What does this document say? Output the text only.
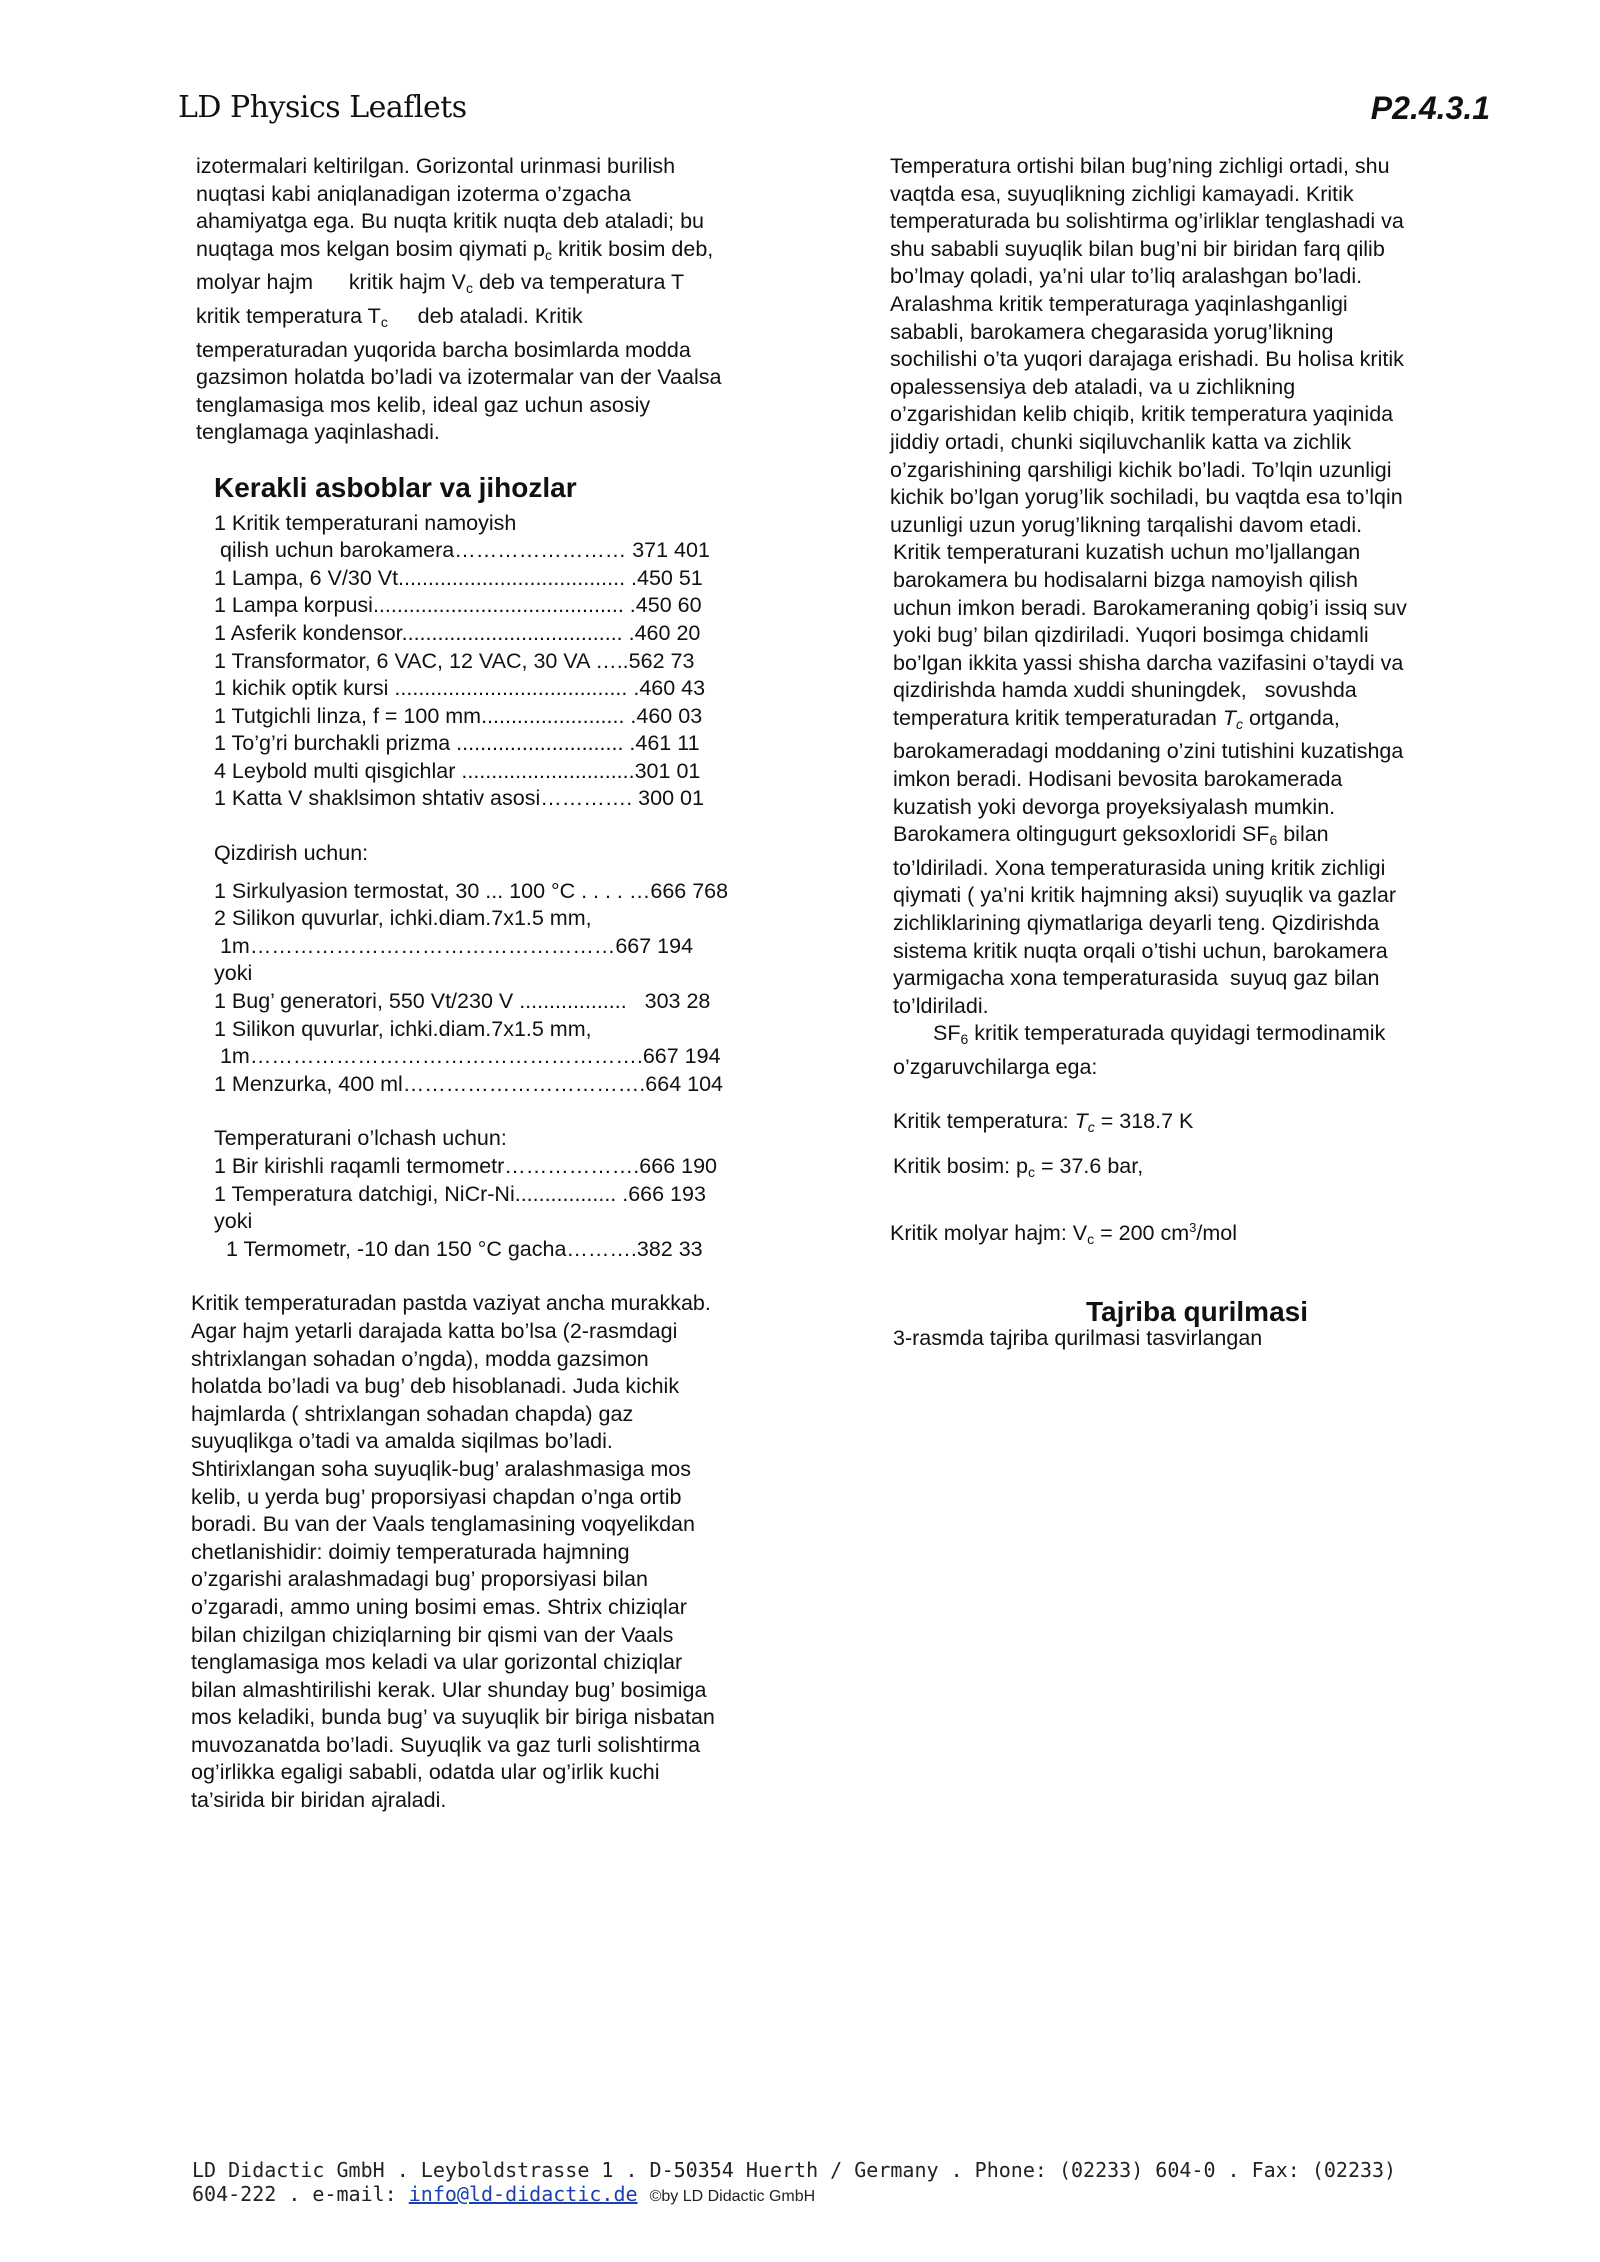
LD Physics Leaflets	P2.4.3.1

izotermalari keltirilgan. Gorizontal urinmasi burilish

nuqtasi kabi aniqlanadigan izoterma o’zgacha

ahamiyatga ega. Bu nuqta kritik nuqta deb ataladi; bu

nuqtaga mos kelgan bosim qiymati $p_c$ kritik bosim deb,

molyar hajm      kritik hajm $V_c$ deb va temperatura T

kritik temperatura $T_c$     deb ataladi. Kritik

temperaturadan yuqorida barcha bosimlarda modda

gazsimon holatda bo’ladi va izotermalar van der Vaalsa

tenglamasiga mos kelib, ideal gaz uchun asosiy

tenglamaga yaqinlashadi.

Kerakli asboblar va jihozlar
1 Kritik temperaturani namoyish
qilish uchun barokamera…………………… 371 401
1 Lampa, 6 V/30 Vt...................................... .450 51
1 Lampa korpusi.......................................... .450 60
1 Asferik kondensor..................................... .460 20
1 Transformator, 6 VAC, 12 VAC, 30 VA …..562 73
1 kichik optik kursi ....................................... .460 43
1 Tutgichli linza, f = 100 mm........................ .460 03
1 To’g’ri burchakli prizma ............................ .461 11
4 Leybold multi qisgichlar .............................301 01
1 Katta V shaklsimon shtativ asosi…………. 300 01
Qizdirish uchun:
1 Sirkulyasion termostat, 30 ... 100 °C . . . . …666 768
2 Silikon quvurlar, ichki.diam.7x1.5 mm,
1m……………………………………………667 194
yoki
1 Bug’ generatori, 550 Vt/230 V ..................   303 28
1 Silikon quvurlar, ichki.diam.7x1.5 mm,
1m……………………………………………….667 194
1 Menzurka, 400 ml…………………………….664 104
Temperaturani o’lchash uchun:
1 Bir kirishli raqamli termometr……………….666 190
1 Temperatura datchigi, NiCr-Ni................. .666 193
yoki
1 Termometr, -10 dan 150 °C gacha……….382 33

Kritik temperaturadan pastda vaziyat ancha murakkab.

Agar hajm yetarli darajada katta bo’lsa (2-rasmdagi

shtrixlangan sohadan o’ngda), modda gazsimon

holatda bo’ladi va bug’ deb hisoblanadi. Juda kichik

hajmlarda ( shtrixlangan sohadan chapda) gaz

suyuqlikga o’tadi va amalda siqilmas bo’ladi.

Shtirixlangan soha suyuqlik-bug’ aralashmasiga mos

kelib, u yerda bug’ proporsiyasi chapdan o’nga ortib

boradi. Bu van der Vaals tenglamasining voqyelikdan

chetlanishidir: doimiy temperaturada hajmning

o’zgarishi aralashmadagi bug’ proporsiyasi bilan

o’zgaradi, ammo uning bosimi emas. Shtrix chiziqlar

bilan chizilgan chiziqlarning bir qismi van der Vaals

tenglamasiga mos keladi va ular gorizontal chiziqlar

bilan almashtirilishi kerak. Ular shunday bug’ bosimiga

mos keladiki, bunda bug’ va suyuqlik bir biriga nisbatan

muvozanatda bo’ladi. Suyuqlik va gaz turli solishtirma

og’irlikka egaligi sababli, odatda ular og’irlik kuchi

ta’sirida bir biridan ajraladi.

Temperatura ortishi bilan bug’ning zichligi ortadi, shu

vaqtda esa, suyuqlikning zichligi kamayadi. Kritik

temperaturada bu solishtirma og’irliklar tenglashadi va

shu sababli suyuqlik bilan bug’ni bir biridan farq qilib

bo’lmay qoladi, ya’ni ular to’liq aralashgan bo’ladi.

Aralashma kritik temperaturaga yaqinlashganligi

sababli, barokamera chegarasida yorug’likning

sochilishi o’ta yuqori darajaga erishadi. Bu holisa kritik

opalessensiya deb ataladi, va u zichlikning

o’zgarishidan kelib chiqib, kritik temperatura yaqinida

jiddiy ortadi, chunki siqiluvchanlik katta va zichlik

o’zgarishining qarshiligi kichik bo’ladi. To’lqin uzunligi

kichik bo’lgan yorug’lik sochiladi, bu vaqtda esa to’lqin

uzunligi uzun yorug’likning tarqalishi davom etadi.

Kritik temperaturani kuzatish uchun mo’ljallangan

barokamera bu hodisalarni bizga namoyish qilish

uchun imkon beradi. Barokameraning qobig’i issiq suv

yoki bug’ bilan qizdiriladi. Yuqori bosimga chidamli

bo’lgan ikkita yassi shisha darcha vazifasini o’taydi va

qizdirishda hamda xuddi shuningdek,   sovushda

temperatura kritik temperaturadan $T_c$ ortganda,

barokameradagi moddaning o’zini tutishini kuzatishga

imkon beradi. Hodisani bevosita barokamerada

kuzatish yoki devorga proyeksiyalash mumkin.

Barokamera oltingugurt geksoxloridi $SF_6$ bilan

to’ldiriladi. Xona temperaturasida uning kritik zichligi

qiymati ( ya’ni kritik hajmning aksi) suyuqlik va gazlar

zichliklarining qiymatlariga deyarli teng. Qizdirishda

sistema kritik nuqta orqali o’tishi uchun, barokamera

yarmigacha xona temperaturasida  suyuq gaz bilan

to’ldiriladi.

$SF_6$ kritik temperaturada quyidagi termodinamik

o’zgaruvchilarga ega:

Kritik temperatura: $T_c = 318.7$ K
Kritik bosim: $p_c = 37.6$ bar,
Kritik molyar hajm: $V_c = 200$ $cm^3$/mol
Tajriba qurilmasi
3-rasmda tajriba qurilmasi tasvirlangan
LD Didactic GmbH . Leyboldstrasse 1 . D-50354 Huerth / Germany . Phone: (02233) 604-0 . Fax: (02233)
604-222 . e-mail: info@ld-didactic.de ©by LD Didactic GmbH
